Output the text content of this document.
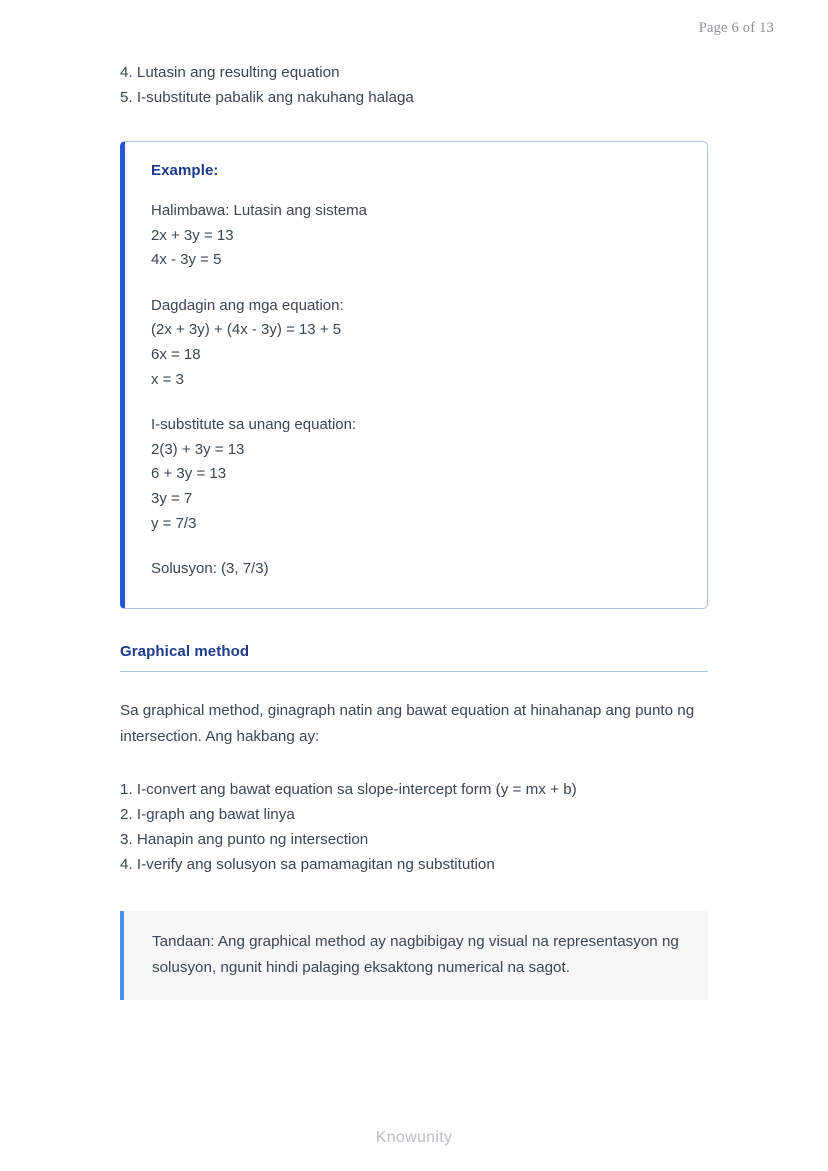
Page 6 of 13
4. Lutasin ang resulting equation
5. I-substitute pabalik ang nakuhang halaga
Example:
Halimbawa: Lutasin ang sistema
2x + 3y = 13
4x - 3y = 5
Dagdagin ang mga equation:
(2x + 3y) + (4x - 3y) = 13 + 5
6x = 18
x = 3
I-substitute sa unang equation:
2(3) + 3y = 13
6 + 3y = 13
3y = 7
y = 7/3
Solusyon: (3, 7/3)
Graphical method

Sa graphical method, ginagraph natin ang bawat equation at hinahanap ang punto ng intersection. Ang hakbang ay:

1. I-convert ang bawat equation sa slope-intercept form (y = mx + b)
2. I-graph ang bawat linya
3. Hanapin ang punto ng intersection
4. I-verify ang solusyon sa pamamagitan ng substitution

Tandaan: Ang graphical method ay nagbibigay ng visual na representasyon ng solusyon, ngunit hindi palaging eksaktong numerical na sagot.

Knowunity
